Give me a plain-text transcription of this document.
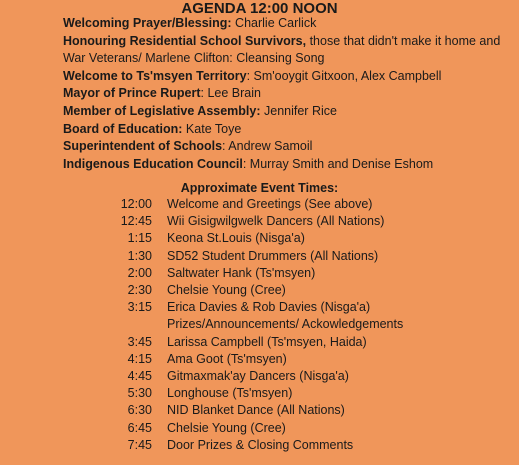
AGENDA 12:00 NOON
Welcoming Prayer/Blessing: Charlie Carlick
Honouring Residential School Survivors, those that didn't make it home and War Veterans/ Marlene Clifton: Cleansing Song
Welcome to Ts'msyen Territory: Sm'ooygit Gitxoon, Alex Campbell
Mayor of Prince Rupert: Lee Brain
Member of Legislative Assembly: Jennifer Rice
Board of Education: Kate Toye
Superintendent of Schools: Andrew Samoil
Indigenous Education Council: Murray Smith and Denise Eshom
Approximate Event Times:
12:00	Welcome and Greetings (See above)
12:45	Wii Gisigwilgwelk Dancers (All Nations)
1:15	Keona St.Louis (Nisga'a)
1:30	SD52 Student Drummers (All Nations)
2:00	Saltwater Hank (Ts'msyen)
2:30	Chelsie Young (Cree)
3:15	Erica Davies & Rob Davies (Nisga'a)
Prizes/Announcements/ Ackowledgements
3:45	Larissa Campbell (Ts'msyen, Haida)
4:15	Ama Goot (Ts'msyen)
4:45	Gitmaxmak'ay Dancers (Nisga'a)
5:30	Longhouse (Ts'msyen)
6:30	NID Blanket Dance (All Nations)
6:45	Chelsie Young (Cree)
7:45	Door Prizes & Closing Comments
